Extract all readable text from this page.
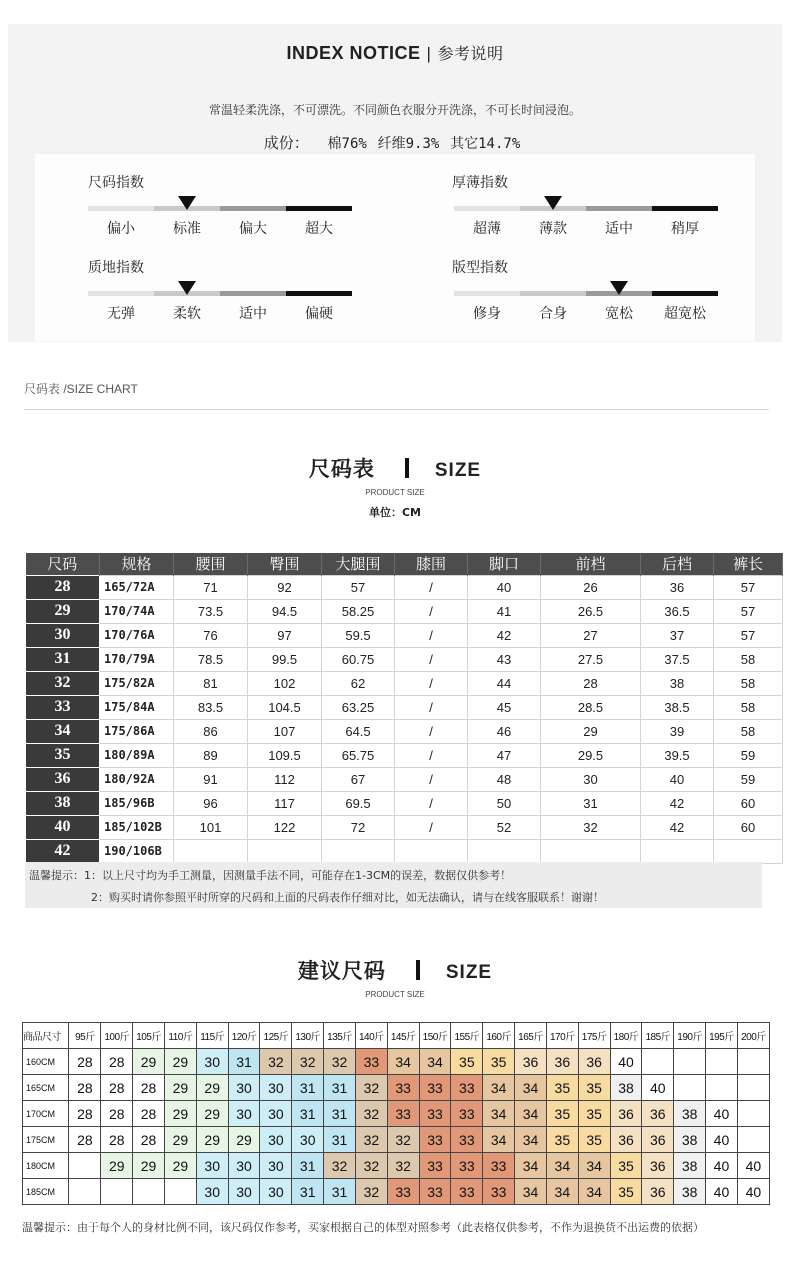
INDEX NOTICE | 参考说明
常温轻柔洗涤，不可漂洗。不同颜色衣服分开洗涤，不可长时间浸泡。
成份： 棉76% 纤维9.3% 其它14.7%
尺码指数
偏小	标准	偏大	超大
厚薄指数
超薄	薄款	适中	稍厚
质地指数
无弹	柔软	适中	偏硬
版型指数
修身	合身	宽松	超宽松
尺码表 /SIZE CHART
尺码表	SIZE
PRODUCT SIZE
单位：CM
尺码	规格	腰围	臀围	大腿围	膝围	脚口	前档	后档	裤长
28	165/72A	71	92	57	/	40	26	36	57
29	170/74A	73.5	94.5	58.25	/	41	26.5	36.5	57
30	170/76A	76	97	59.5	/	42	27	37	57
31	170/79A	78.5	99.5	60.75	/	43	27.5	37.5	58
32	175/82A	81	102	62	/	44	28	38	58
33	175/84A	83.5	104.5	63.25	/	45	28.5	38.5	58
34	175/86A	86	107	64.5	/	46	29	39	58
35	180/89A	89	109.5	65.75	/	47	29.5	39.5	59
36	180/92A	91	112	67	/	48	30	40	59
38	185/96B	96	117	69.5	/	50	31	42	60
40	185/102B	101	122	72	/	52	32	42	60
42	190/106B								
温馨提示：1：以上尺寸均为手工测量，因测量手法不同，可能存在1-3CM的误差，数据仅供参考！
2：购买时请你参照平时所穿的尺码和上面的尺码表作仔细对比，如无法确认，请与在线客服联系！谢谢！
建议尺码	SIZE
PRODUCT SIZE
商品尺寸	95斤	100斤	105斤	110斤	115斤	120斤	125斤	130斤	135斤	140斤	145斤	150斤	155斤	160斤	165斤	170斤	175斤	180斤	185斤	190斤	195斤	200斤
160CM	28	28	29	29	30	31	32	32	32	33	34	34	35	35	36	36	36	40				
165CM	28	28	28	29	29	30	30	31	31	32	33	33	33	34	34	35	35	38	40			
170CM	28	28	28	29	29	30	30	31	31	32	33	33	33	34	34	35	35	36	36	38	40	
175CM	28	28	28	29	29	29	30	30	31	32	32	33	33	34	34	35	35	36	36	38	40	
180CM		29	29	29	30	30	30	31	32	32	32	33	33	33	34	34	34	35	36	38	40	40
185CM					30	30	30	31	31	32	33	33	33	33	34	34	34	35	36	38	40	40
温馨提示：由于每个人的身材比例不同，该尺码仅作参考，买家根据自己的体型对照参考（此表格仅供参考，不作为退换货不出运费的依据）
